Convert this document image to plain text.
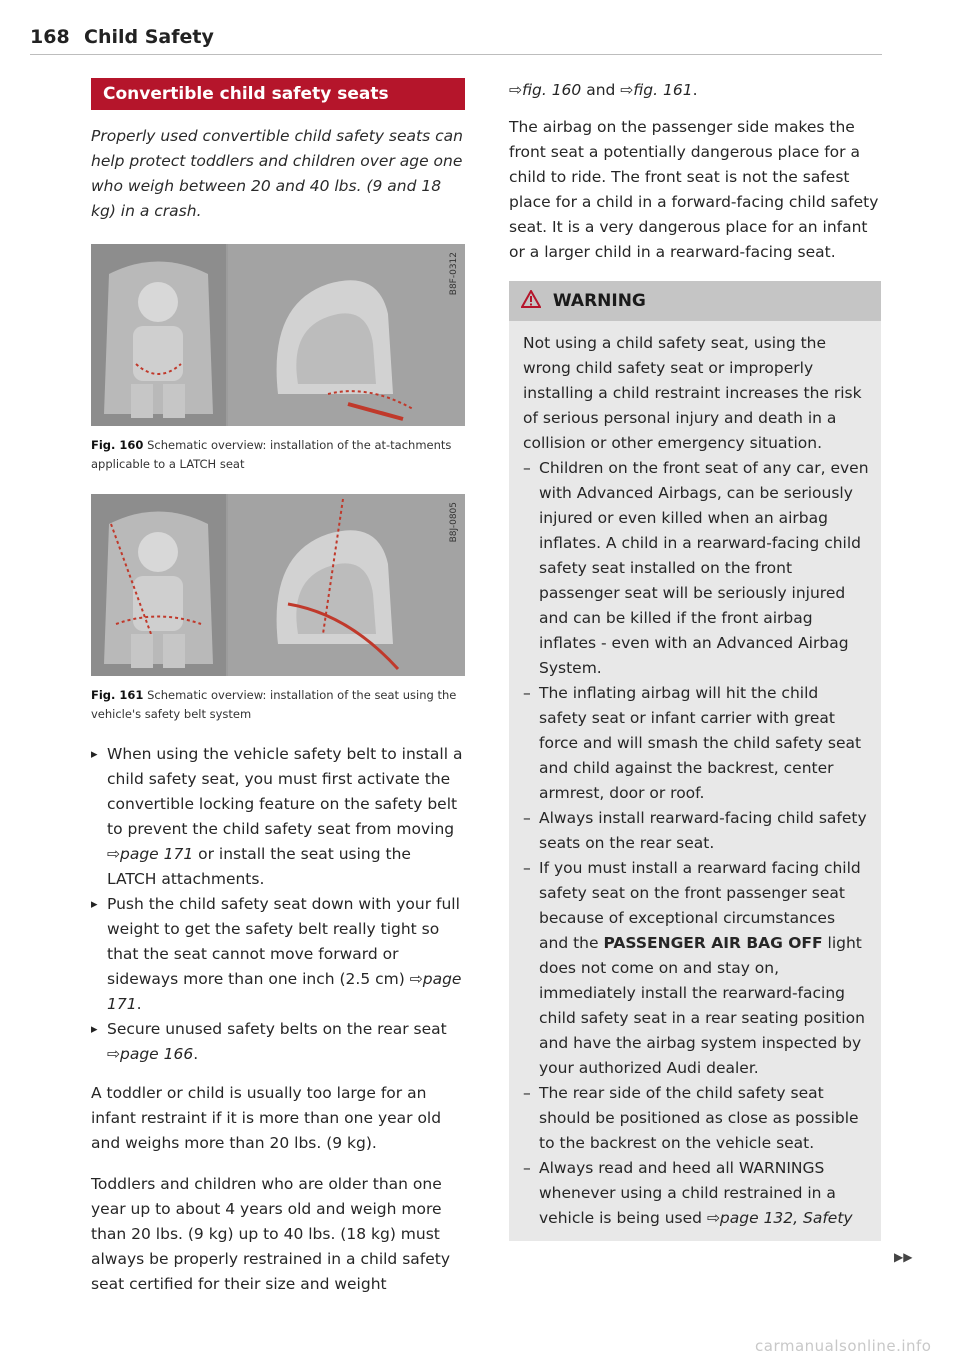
168 Child Safety
Convertible child safety seats

Properly used convertible child safety seats can help protect toddlers and children over age one who weigh between 20 and 40 lbs. (9 and 18 kg) in a crash.

B8F-0312
Fig. 160 Schematic overview: installation of the at-tachments applicable to a LATCH seat
B8J-0805
Fig. 161 Schematic overview: installation of the seat using the vehicle's safety belt system
▸ When using the vehicle safety belt to install a child safety seat, you must first activate the convertible locking feature on the safety belt to prevent the child safety seat from moving ⇨page 171 or install the seat using the LATCH attachments.
▸ Push the child safety seat down with your full weight to get the safety belt really tight so that the seat cannot move forward or sideways more than one inch (2.5 cm) ⇨page 171.
▸ Secure unused safety belts on the rear seat ⇨page 166.

A toddler or child is usually too large for an infant restraint if it is more than one year old and weighs more than 20 lbs. (9 kg).

Toddlers and children who are older than one year up to about 4 years old and weigh more than 20 lbs. (9 kg) up to 40 lbs. (18 kg) must always be properly restrained in a child safety seat certified for their size and weight

⇨fig. 160 and ⇨fig. 161.

The airbag on the passenger side makes the front seat a potentially dangerous place for a child to ride. The front seat is not the safest place for a child in a forward-facing child safety seat. It is a very dangerous place for an infant or a larger child in a rearward-facing seat.

WARNING

Not using a child safety seat, using the wrong child safety seat or improperly installing a child restraint increases the risk of serious personal injury and death in a collision or other emergency situation.

– Children on the front seat of any car, even with Advanced Airbags, can be seriously injured or even killed when an airbag inflates. A child in a rearward-facing child safety seat installed on the front passenger seat will be seriously injured and can be killed if the front airbag inflates - even with an Advanced Airbag System.
– The inflating airbag will hit the child safety seat or infant carrier with great force and will smash the child safety seat and child against the backrest, center armrest, door or roof.
– Always install rearward-facing child safety seats on the rear seat.
– If you must install a rearward facing child safety seat on the front passenger seat because of exceptional circumstances and the PASSENGER AIR BAG OFF light does not come on and stay on, immediately install the rearward-facing child safety seat in a rear seating position and have the airbag system inspected by your authorized Audi dealer.
– The rear side of the child safety seat should be positioned as close as possible to the backrest on the vehicle seat.
– Always read and heed all WARNINGS whenever using a child restrained in a vehicle is being used ⇨page 132, Safety
▶▶
carmanualsonline.info
